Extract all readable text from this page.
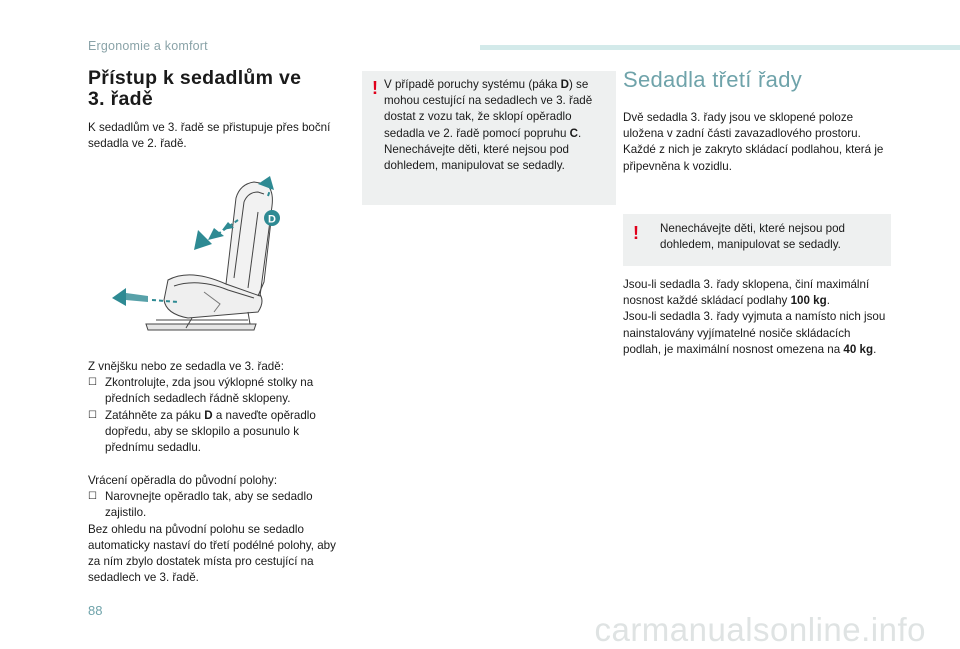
Ergonomie a komfort
Přístup k sedadlům ve
3. řadě

K sedadlům ve 3. řadě se přistupuje přes boční sedadla ve 2. řadě.

D

Z vnějšku nebo ze sedadla ve 3. řadě:

☐ Zkontrolujte, zda jsou výklopné stolky na předních sedadlech řádně sklopeny.
☐ Zatáhněte za páku D a naveďte opěradlo dopředu, aby se sklopilo a posunulo k přednímu sedadlu.

Vrácení opěradla do původní polohy:

☐ Narovnejte opěradlo tak, aby se sedadlo zajistilo.

Bez ohledu na původní polohu se sedadlo automaticky nastaví do třetí podélné polohy, aby za ním zbylo dostatek místa pro cestující na sedadlech ve 3. řadě.

! V případě poruchy systému (páka D) se mohou cestující na sedadlech ve 3. řadě dostat z vozu tak, že sklopí opěradlo sedadla ve 2. řadě pomocí popruhu C. Nenechávejte děti, které nejsou pod dohledem, manipulovat se sedadly.
Sedadla třetí řady

Dvě sedadla 3. řady jsou ve sklopené poloze uložena v zadní části zavazadlového prostoru. Každé z nich je zakryto skládací podlahou, která je připevněna k vozidlu.

! Nenechávejte děti, které nejsou pod dohledem, manipulovat se sedadly.

Jsou-li sedadla 3. řady sklopena, činí maximální nosnost každé skládací podlahy 100 kg.

Jsou-li sedadla 3. řady vyjmuta a namísto nich jsou nainstalovány vyjímatelné nosiče skládacích podlah, je maximální nosnost omezena na 40 kg.

88
carmanualsonline.info
